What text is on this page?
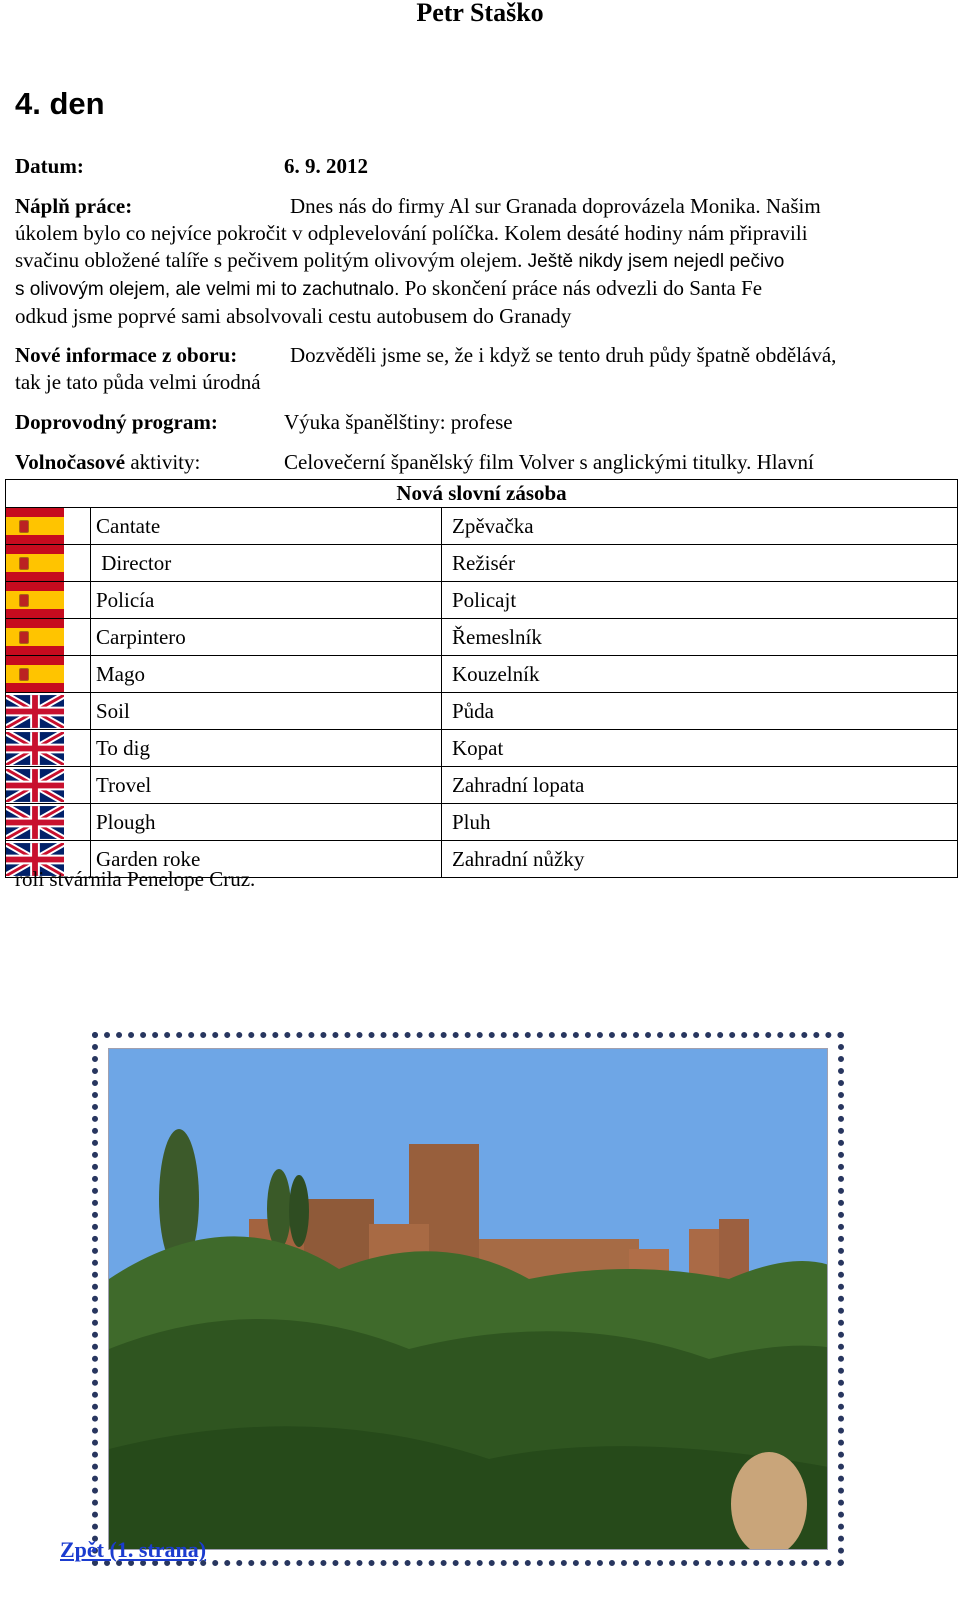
Petr Staško
4. den
Datum:	6. 9. 2012
Náplň práce:	Dnes nás do firmy Al sur Granada doprovázela Monika. Našim
úkolem bylo co nejvíce pokročit v odplevelování políčka. Kolem desáté hodiny nám připravili
svačinu obložené talíře s pečivem politým olivovým olejem. Ještě nikdy jsem nejedl pečivo
s olivovým olejem, ale velmi mi to zachutnalo. Po skončení práce nás odvezli do Santa Fe
odkud jsme poprvé sami absolvovali cestu autobusem do Granady
Nové informace z oboru:	Dozvěděli jsme se, že i když se tento druh půdy špatně obdělává,
tak je tato půda velmi úrodná
Doprovodný program:	Výuka španělštiny: profese
Volnočasové aktivity:	Celovečerní španělský film Volver s anglickými titulky. Hlavní
Nová slovní zásoba		

	Cantate	Zpěvačka

	Director	Režisér

	Policía	Policajt

	Carpintero	Řemeslník

	Mago	Kouzelník

	Soil	Půda

	To dig	Kopat

	Trovel	Zahradní lopata

	Plough	Pluh

	Garden roke	Zahradní nůžky
roli stvárnila Penelope Cruz.
Zpět (1. strana)
